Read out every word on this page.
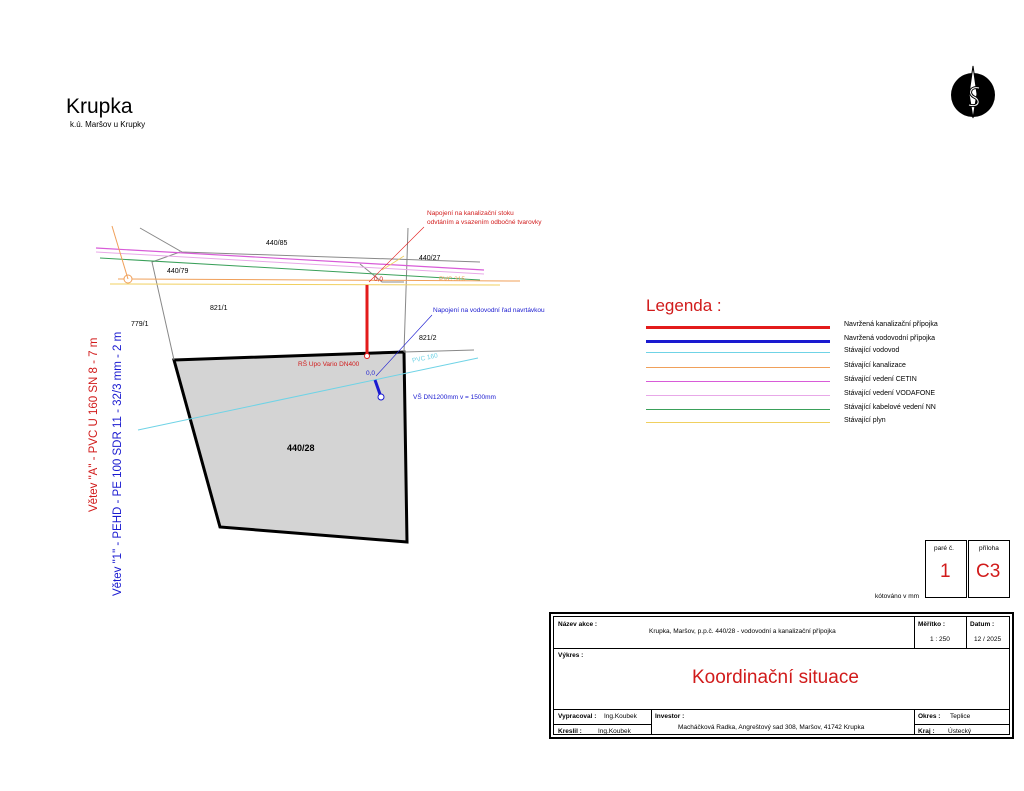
Krupka
k.ú. Maršov u Krupky
440/85
440/27
440/79
821/1
779/1
821/2
440/28
Napojení na kanalizační stoku
odvtáním a vsazením odbočné tvarovky
Napojení na vodovodní řad navrtávkou
PVC 315
PVC 160
RŠ Upo Vario DN400
VŠ DN1200mm v = 1500mm
0,0
0,0
Větev "A" - PVC U 160 SN 8 - 7 m Větev "1" - PEHD - PE 100 SDR 11 - 32/3 mm - 2 m
Legenda :
Navržená kanalizační přípojka
Navržená vodovodní přípojka
Stávající vodovod
Stávající kanalizace
Stávající vedení CETIN
Stávající vedení VODAFONE
Stávající kabelové vedení NN
Stávající plyn
paré č.
1
příloha
C3
kótováno v mm
Název akce :
Krupka, Maršov, p.p.č. 440/28 - vodovodní a kanalizační přípojka
Měřítko :
1 : 250
Datum :
12 / 2025
Výkres :
Koordinační situace
Vypracoval : Ing.Koubek
Kreslil : Ing.Koubek
Investor :
Macháčková Radka, Angreštový sad 308, Maršov, 41742 Krupka
Okres : Teplice
Kraj : Ústecký
